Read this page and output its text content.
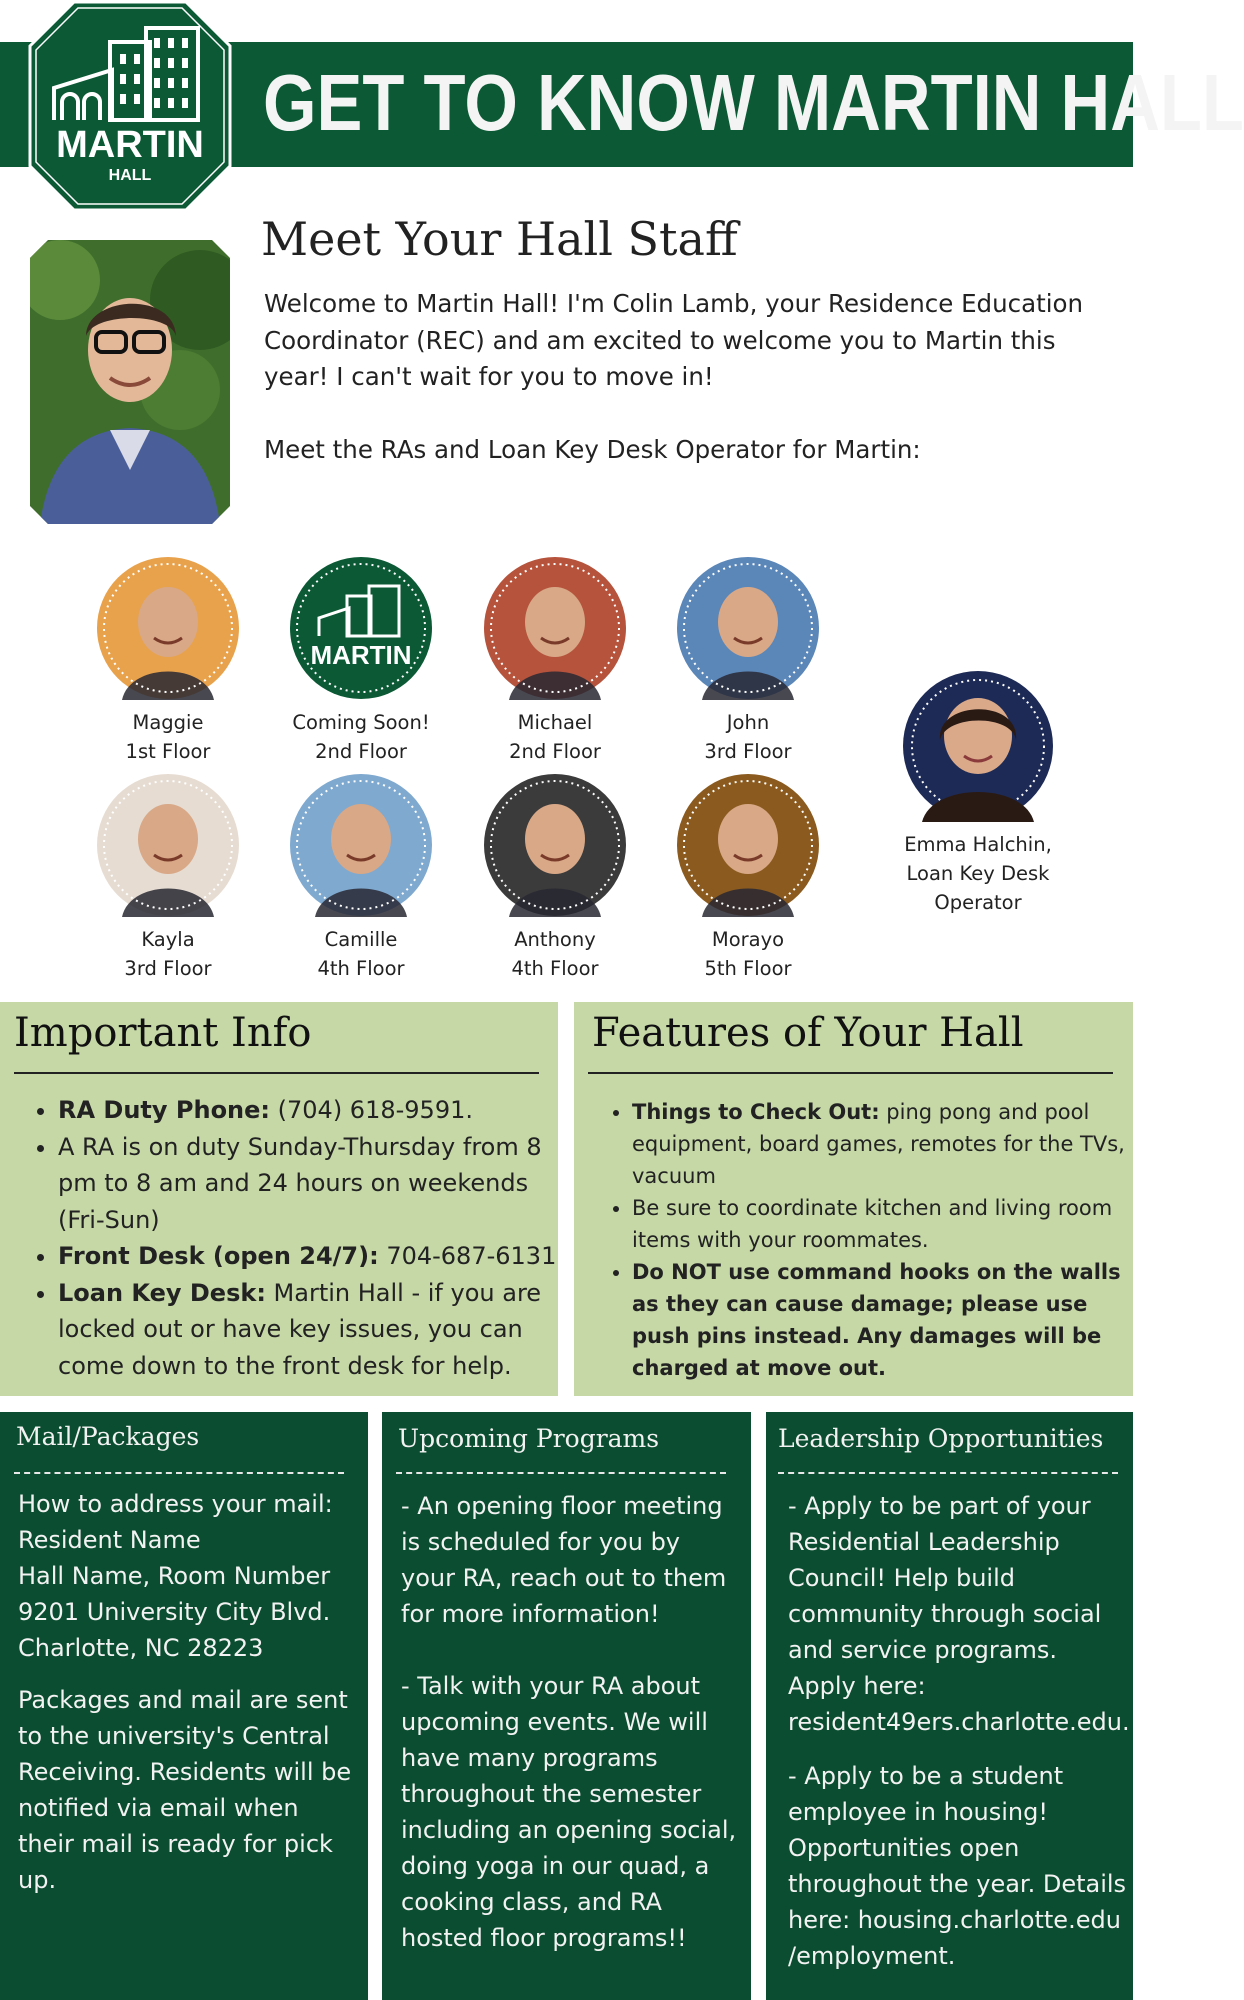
GET TO KNOW MARTIN HALL
MARTIN
HALL
Meet Your Hall Staff

Welcome to Martin Hall! I'm Colin Lamb, your Residence Education Coordinator (REC) and am excited to welcome you to Martin this year! I can't wait for you to move in!

Meet the RAs and Loan Key Desk Operator for Martin:

Maggie
1st Floor
MARTIN
Coming Soon!
2nd Floor
Michael
2nd Floor
John
3rd Floor
Kayla
3rd Floor
Camille
4th Floor
Anthony
4th Floor
Morayo
5th Floor
Emma Halchin,
Loan Key Desk
Operator
Important Info
• RA Duty Phone: (704) 618-9591.
• A RA is on duty Sunday-Thursday from 8 pm to 8 am and 24 hours on weekends (Fri-Sun)
• Front Desk (open 24/7): 704-687-6131
• Loan Key Desk: Martin Hall - if you are locked out or have key issues, you can come down to the front desk for help.
Features of Your Hall
• Things to Check Out: ping pong and pool equipment, board games, remotes for the TVs, vacuum
• Be sure to coordinate kitchen and living room items with your roommates.
• Do NOT use command hooks on the walls as they can cause damage; please use push pins instead. Any damages will be charged at move out.
Mail/Packages

How to address your mail:

Resident Name

Hall Name, Room Number

9201 University City Blvd.

Charlotte, NC 28223

Packages and mail are sent to the university's Central Receiving. Residents will be notified via email when their mail is ready for pick up.

Upcoming Programs

- An opening floor meeting is scheduled for you by your RA, reach out to them for more information!

- Talk with your RA about upcoming events. We will have many programs throughout the semester including an opening social, doing yoga in our quad, a cooking class, and RA hosted floor programs!!

Leadership Opportunities

- Apply to be part of your Residential Leadership Council! Help build community through social and service programs. Apply here: resident49ers.charlotte.edu.

- Apply to be a student employee in housing! Opportunities open throughout the year. Details here: housing.charlotte.edu /employment.
